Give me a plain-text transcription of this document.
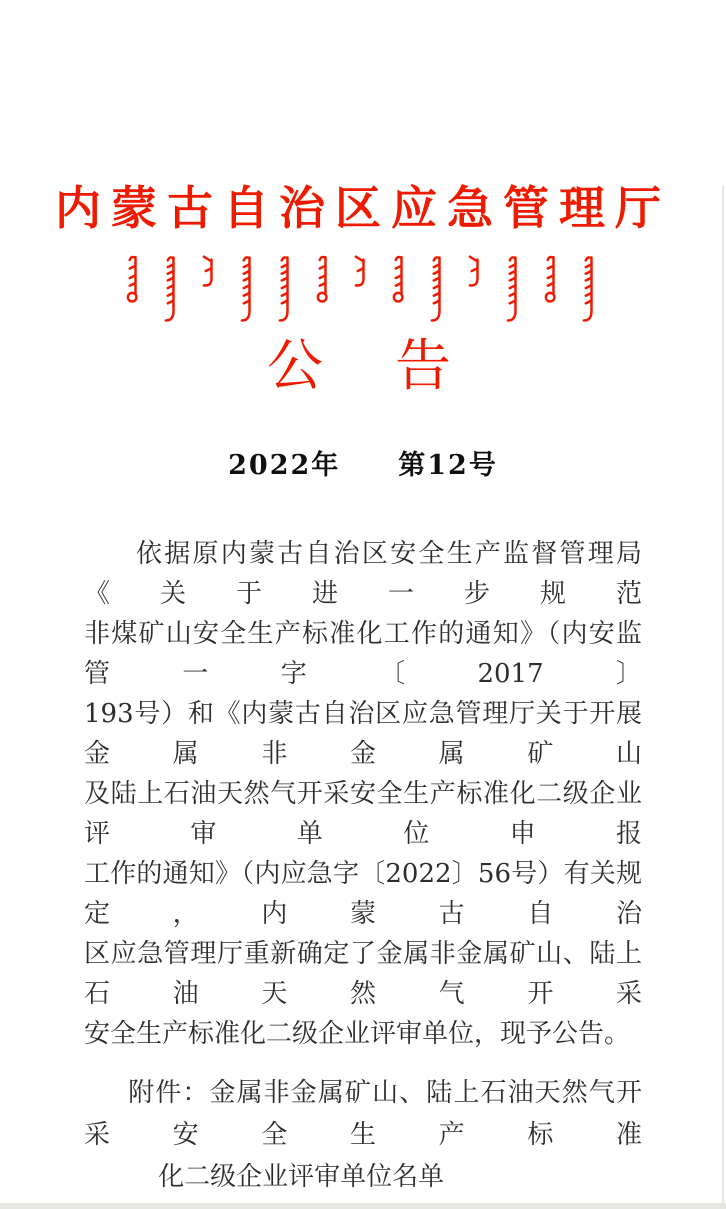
内蒙古自治区应急管理厅
公　告
2022年　　第12号
依据原内蒙古自治区安全生产监督管理局《关于进一步规范
非煤矿山安全生产标准化工作的通知》（内安监管一字〔2017〕
193号）和《内蒙古自治区应急管理厅关于开展金属非金属矿山
及陆上石油天然气开采安全生产标准化二级企业评审单位申报
工作的通知》（内应急字〔2022〕56号）有关规定，内蒙古自治
区应急管理厅重新确定了金属非金属矿山、陆上石油天然气开采
安全生产标准化二级企业评审单位，现予公告。
附件：金属非金属矿山、陆上石油天然气开采安全生产标准
化二级企业评审单位名单
